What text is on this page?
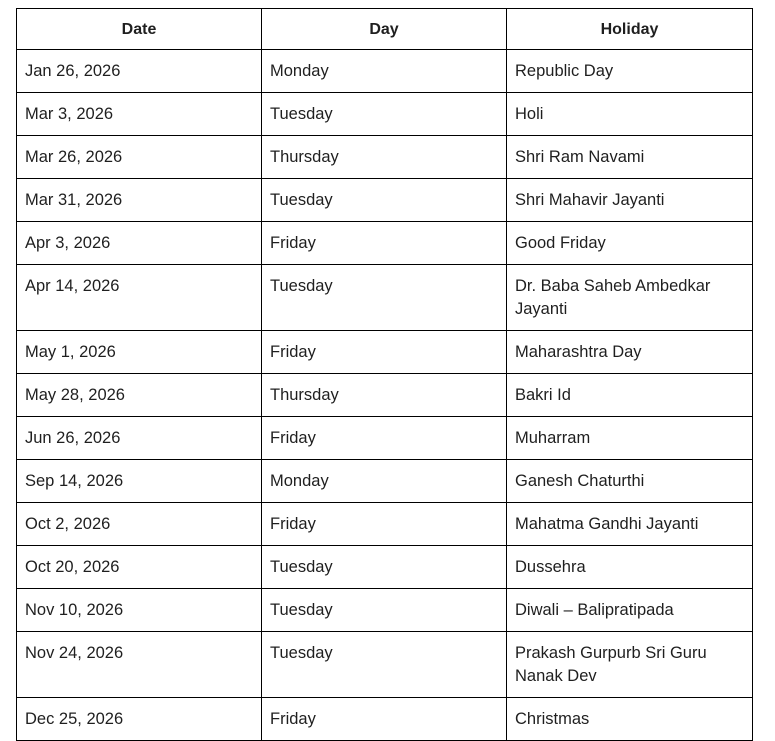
Date	Day	Holiday
Jan 26, 2026	Monday	Republic Day
Mar 3, 2026	Tuesday	Holi
Mar 26, 2026	Thursday	Shri Ram Navami
Mar 31, 2026	Tuesday	Shri Mahavir Jayanti
Apr 3, 2026	Friday	Good Friday
Apr 14, 2026	Tuesday	Dr. Baba Saheb Ambedkar Jayanti
May 1, 2026	Friday	Maharashtra Day
May 28, 2026	Thursday	Bakri Id
Jun 26, 2026	Friday	Muharram
Sep 14, 2026	Monday	Ganesh Chaturthi
Oct 2, 2026	Friday	Mahatma Gandhi Jayanti
Oct 20, 2026	Tuesday	Dussehra
Nov 10, 2026	Tuesday	Diwali – Balipratipada
Nov 24, 2026	Tuesday	Prakash Gurpurb Sri Guru Nanak Dev
Dec 25, 2026	Friday	Christmas
